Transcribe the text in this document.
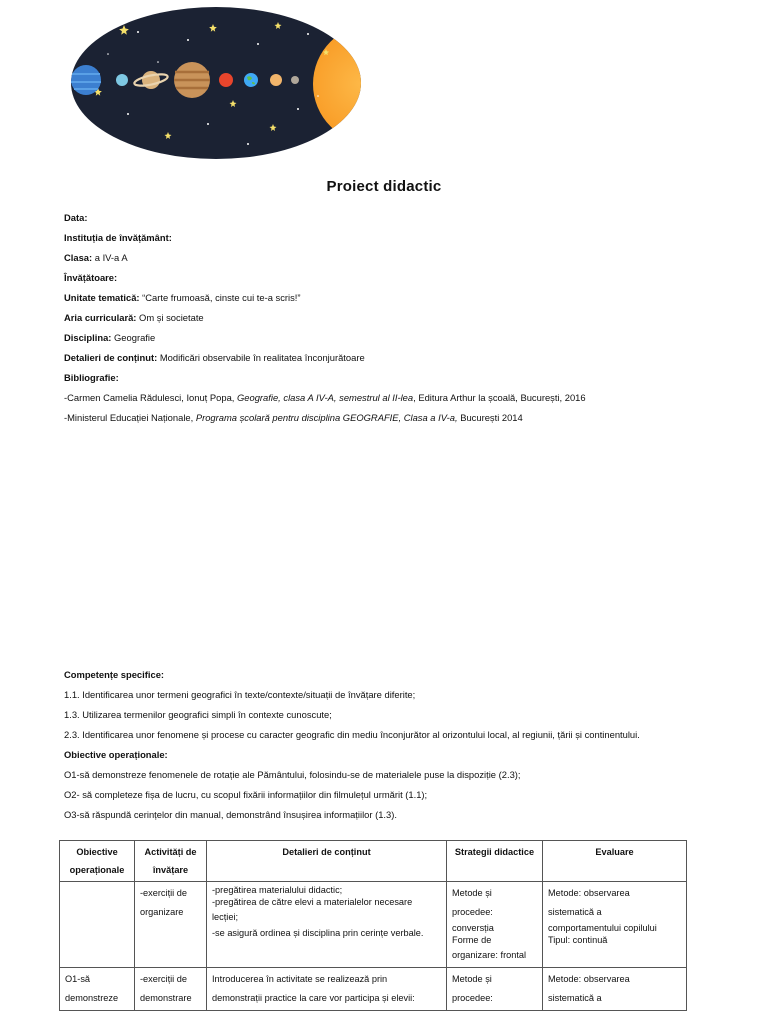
Proiect didactic
Data:
Instituția de învățământ:
Clasa: a IV-a A
Învățătoare:
Unitate tematică: “Carte frumoasă, cinste cui te-a scris!”
Aria curriculară: Om și societate
Disciplina: Geografie
Detalieri de conținut: Modificări observabile în realitatea înconjurătoare
Bibliografie:
-Carmen Camelia Rădulesci, Ionuț Popa, Geografie, clasa A IV-A, semestrul al II-lea, Editura Arthur la școală, București, 2016
-Ministerul Educației Naționale, Programa școlară pentru disciplina GEOGRAFIE, Clasa a IV-a, București 2014
Competențe specifice:
1.1. Identificarea unor termeni geografici în texte/contexte/situații de învățare diferite;
1.3. Utilizarea termenilor geografici simpli în contexte cunoscute;
2.3. Identificarea unor fenomene și procese cu caracter geografic din mediu înconjurător al orizontului local, al regiunii, țării și continentului.
Obiective operaționale:
O1-să demonstreze fenomenele de rotație ale Pământului, folosindu-se de materialele puse la dispoziție (2.3);
O2- să completeze fișa de lucru, cu scopul fixării informațiilor din filmulețul urmărit (1.1);
O3-să răspundă cerințelor din manual, demonstrând însușirea informațiilor (1.3).
Obiective
operaționale	Activități de
învățare	Detalieri de conținut	Strategii didactice	Evaluare

	-exerciții de
organizare	-pregătirea materialului didactic;
-pregătirea de către elevi a materialelor necesare
lecției;
-se asigură ordinea și disciplina prin cerințe verbale.	Metode și
procedee:
conversția
Forme de
organizare: frontal	Metode: observarea
sistematică a
comportamentului copilului
Tipul: continuă

O1-să
demonstreze	-exerciții de
demonstrare	Introducerea în activitate se realizează prin
demonstrații practice la care vor participa și elevii:	Metode și
procedee:	Metode: observarea
sistematică a
